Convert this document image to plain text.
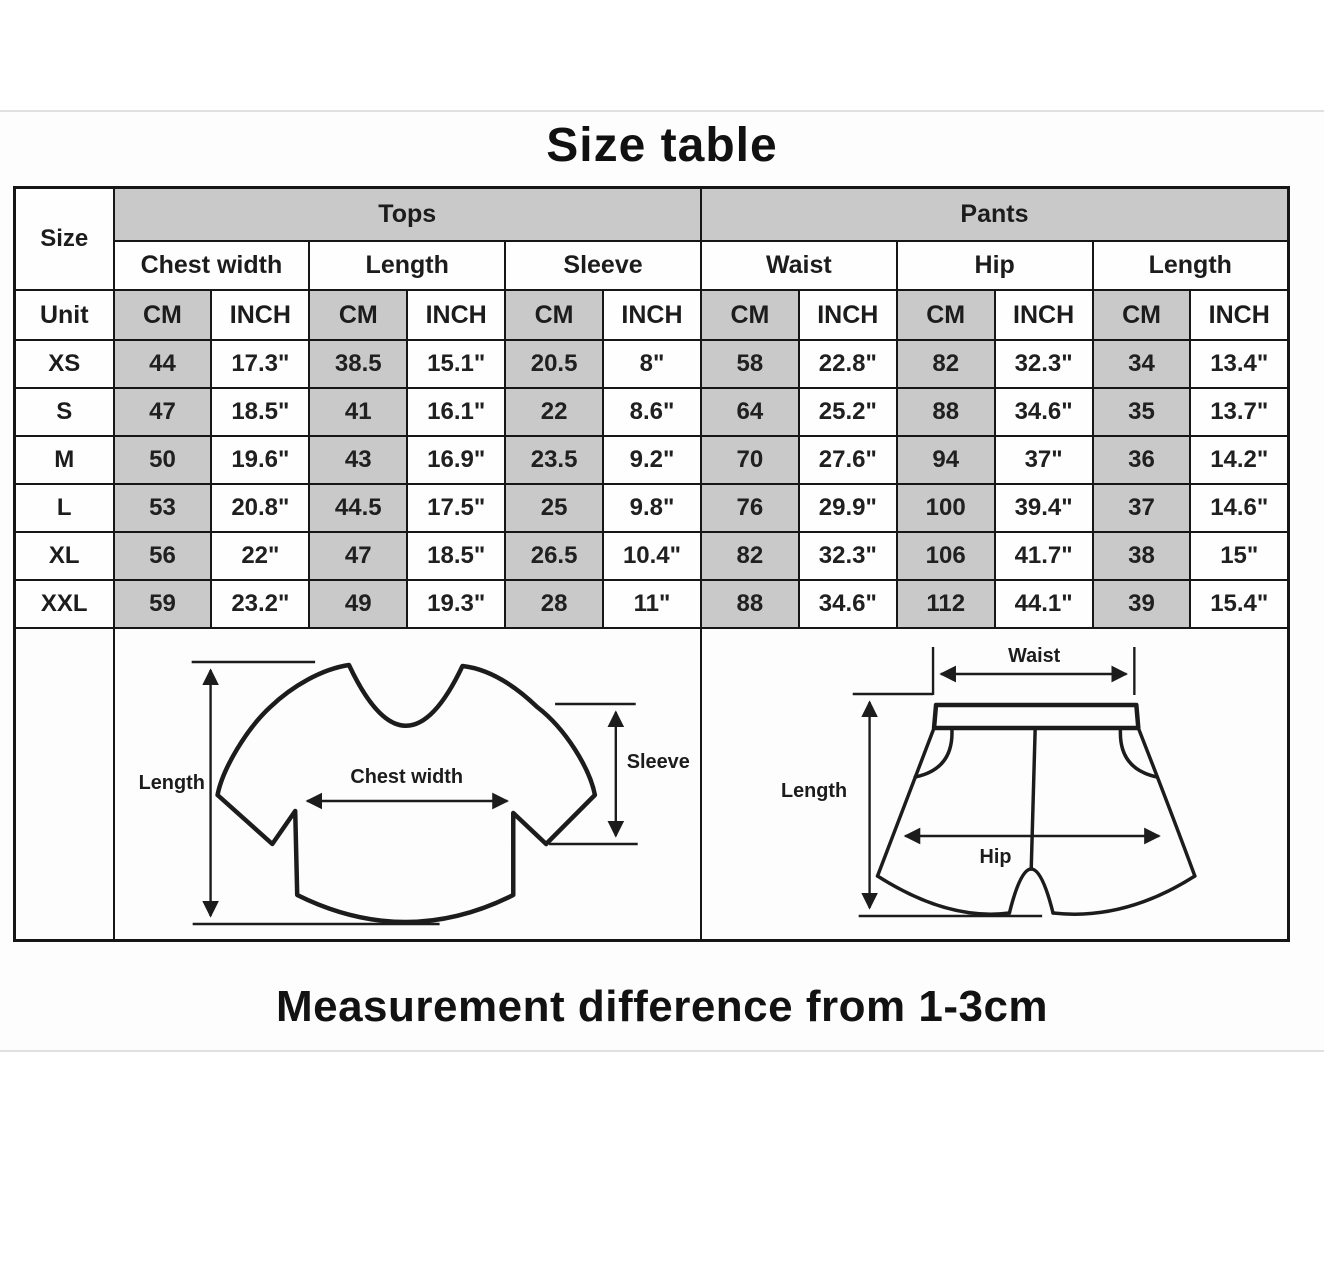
Size table
Size	Tops						Pants					
	Chest width		Length		Sleeve		Waist		Hip		Length	
Unit	CM	INCH	CM	INCH	CM	INCH	CM	INCH	CM	INCH	CM	INCH
XS	44	17.3"	38.5	15.1"	20.5	8"	58	22.8"	82	32.3"	34	13.4"
S	47	18.5"	41	16.1"	22	8.6"	64	25.2"	88	34.6"	35	13.7"
M	50	19.6"	43	16.9"	23.5	9.2"	70	27.6"	94	37"	36	14.2"
L	53	20.8"	44.5	17.5"	25	9.8"	76	29.9"	100	39.4"	37	14.6"
XL	56	22"	47	18.5"	26.5	10.4"	82	32.3"	106	41.7"	38	15"
XXL	59	23.2"	49	19.3"	28	11"	88	34.6"	112	44.1"	39	15.4"

Length Chest width
Sleeve						Waist
Length
Hip					
Measurement difference from 1-3cm
